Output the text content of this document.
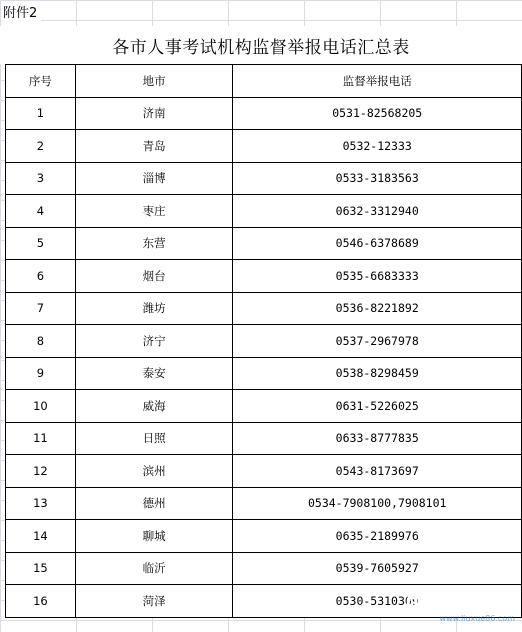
附件2
各市人事考试机构监督举报电话汇总表
序号	地市	监督举报电话
1	济南	0531-82568205
2	青岛	0532-12333
3	淄博	0533-3183563
4	枣庄	0632-3312940
5	东营	0546-6378689
6	烟台	0535-6683333
7	潍坊	0536-8221892
8	济宁	0537-2967978
9	泰安	0538-8298459
10	威海	0631-5226025
11	日照	0633-8777835
12	滨州	0543-8173697
13	德州	0534-7908100,7908101
14	聊城	0635-2189976
15	临沂	0539-7605927
16	菏泽	0530-5310309
出国留学网
www.liuxue86.com
